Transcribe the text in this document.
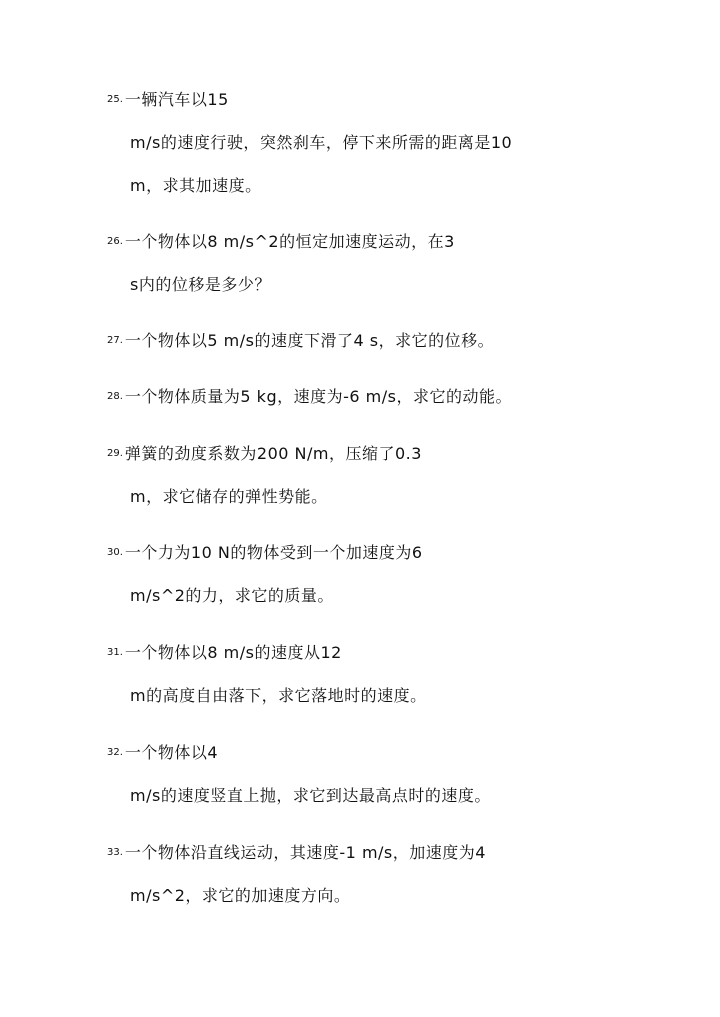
25. 一辆汽车以15
m/s的速度行驶，突然刹车，停下来所需的距离是10
m，求其加速度。
26. 一个物体以8 m/s^2的恒定加速度运动，在3
s内的位移是多少？
27. 一个物体以5 m/s的速度下滑了4 s，求它的位移。
28. 一个物体质量为5 kg，速度为-6 m/s，求它的动能。
29. 弹簧的劲度系数为200 N/m，压缩了0.3
m，求它储存的弹性势能。
30. 一个力为10 N的物体受到一个加速度为6
m/s^2的力，求它的质量。
31. 一个物体以8 m/s的速度从12
m的高度自由落下，求它落地时的速度。
32. 一个物体以4
m/s的速度竖直上抛，求它到达最高点时的速度。
33. 一个物体沿直线运动，其速度-1 m/s，加速度为4
m/s^2，求它的加速度方向。
